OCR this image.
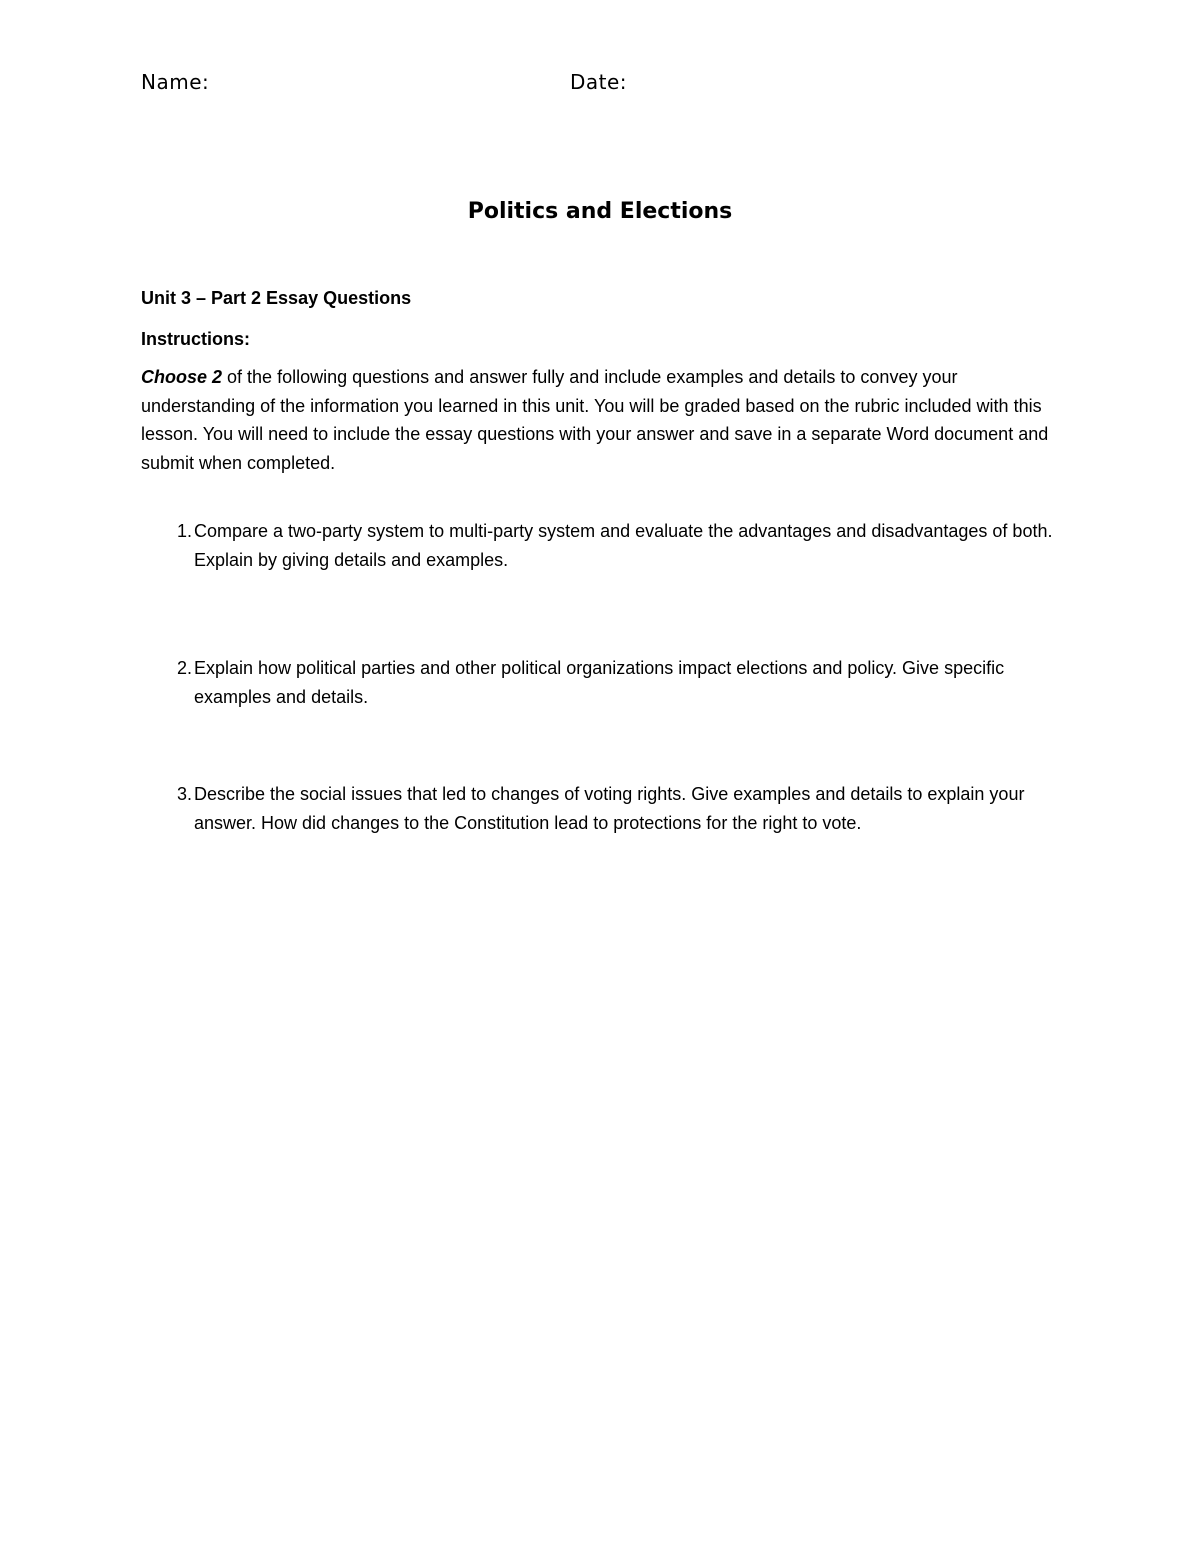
Name:	Date:
Politics and Elections
Unit 3 – Part 2 Essay Questions
Instructions:
Choose 2 of the following questions and answer fully and include examples and details to convey your understanding of the information you learned in this unit. You will be graded based on the rubric included with this lesson. You will need to include the essay questions with your answer and save in a separate Word document and submit when completed.
1. Compare a two-party system to multi-party system and evaluate the advantages and disadvantages of both. Explain by giving details and examples.
2. Explain how political parties and other political organizations impact elections and policy. Give specific examples and details.
3. Describe the social issues that led to changes of voting rights. Give examples and details to explain your answer. How did changes to the Constitution lead to protections for the right to vote.
